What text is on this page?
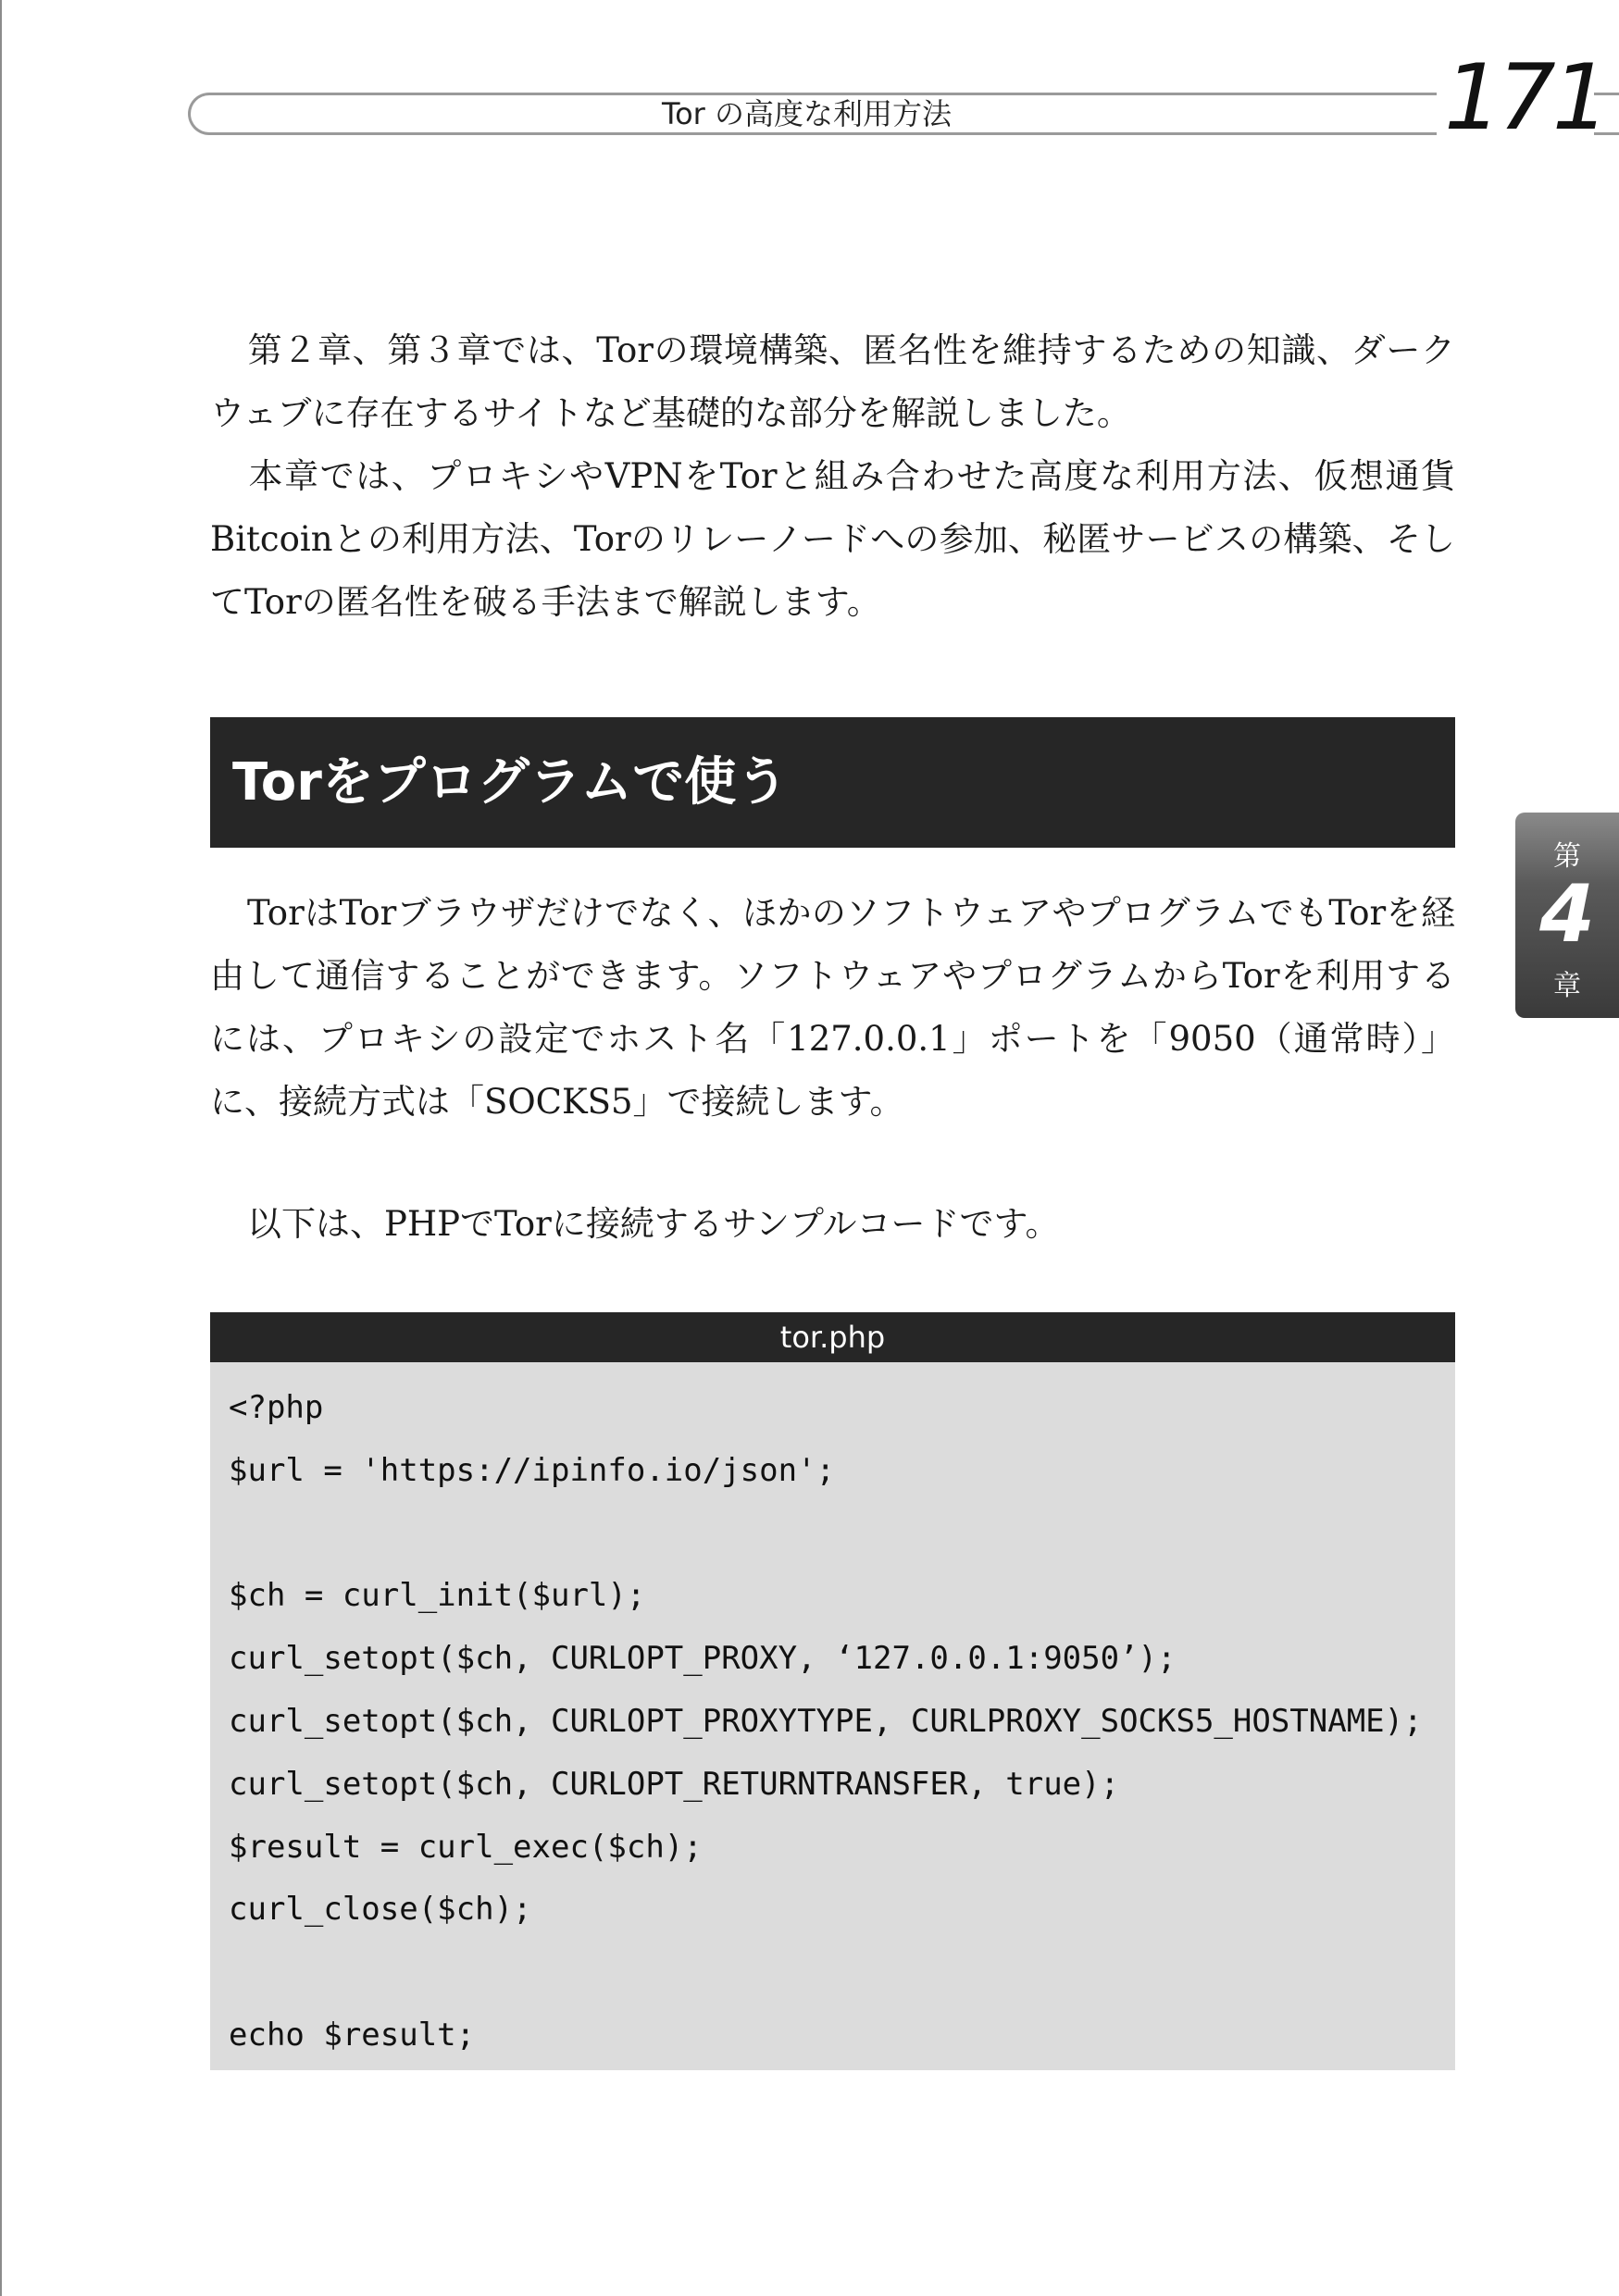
Tor の高度な利用方法	171

第２章、第３章では、Torの環境構築、匿名性を維持するための知識、ダークウェブに存在するサイトなど基礎的な部分を解説しました。

本章では、プロキシやVPNをTorと組み合わせた高度な利用方法、仮想通貨Bitcoinとの利用方法、Torのリレーノードへの参加、秘匿サービスの構築、そしてTorの匿名性を破る手法まで解説します。

Torをプログラムで使う
第
4
章

TorはTorブラウザだけでなく、ほかのソフトウェアやプログラムでもTorを経由して通信することができます。ソフトウェアやプログラムからTorを利用するには、プロキシの設定でホスト名「127.0.0.1」ポートを「9050（通常時）」に、接続方式は「SOCKS5」で接続します。

以下は、PHPでTorに接続するサンプルコードです。

tor.php
<?php
$url = 'https://ipinfo.io/json';
$ch = curl_init($url);
curl_setopt($ch, CURLOPT_PROXY, ‘127.0.0.1:9050’);
curl_setopt($ch, CURLOPT_PROXYTYPE, CURLPROXY_SOCKS5_HOSTNAME);
curl_setopt($ch, CURLOPT_RETURNTRANSFER, true);
$result = curl_exec($ch);
curl_close($ch);
echo $result;
